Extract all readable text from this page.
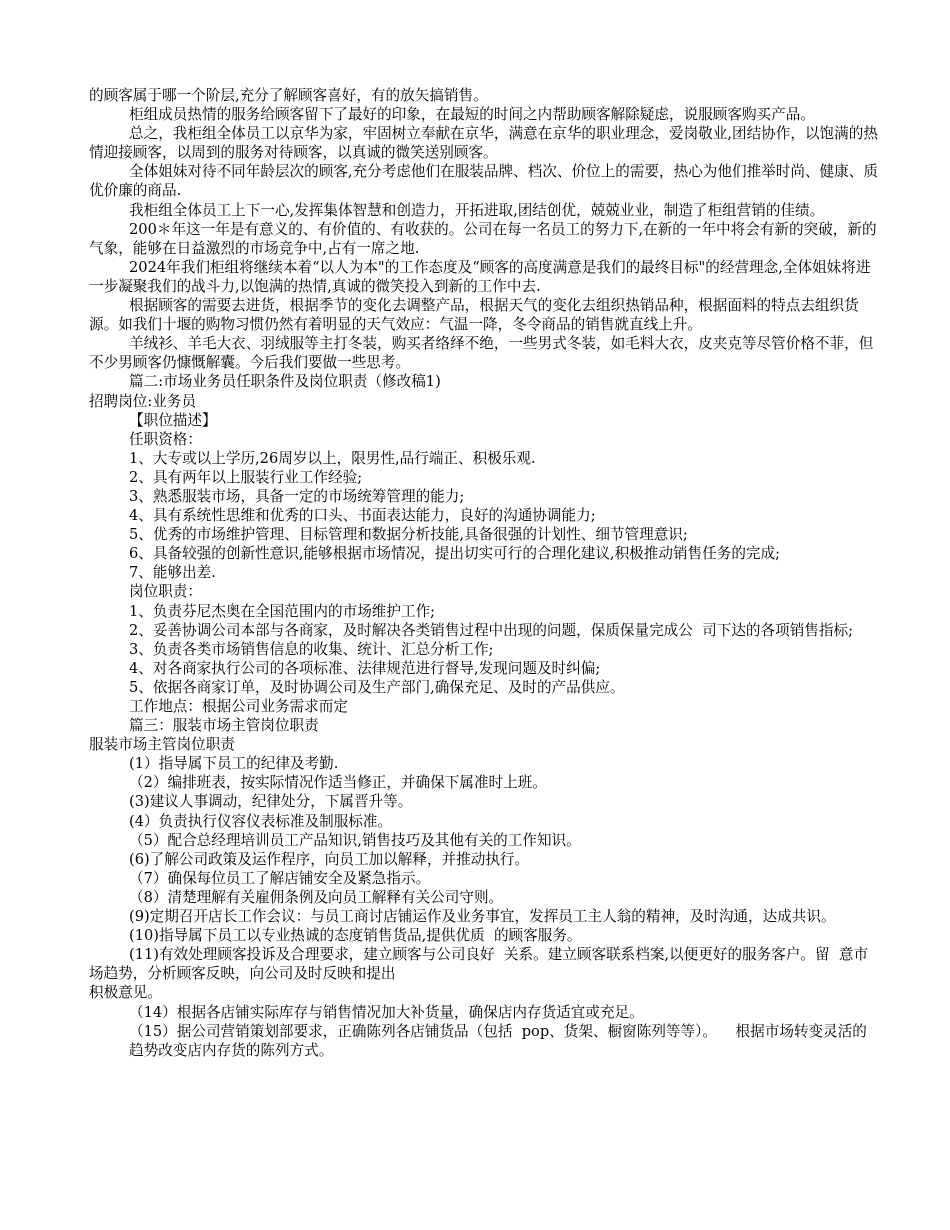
的顾客属于哪一个阶层,充分了解顾客喜好，有的放矢搞销售。

柜组成员热情的服务给顾客留下了最好的印象，在最短的时间之内帮助顾客解除疑虑，说服顾客购买产品。

总之，我柜组全体员工以京华为家，牢固树立奉献在京华，满意在京华的职业理念，爱岗敬业,团结协作，以饱满的热情迎接顾客，以周到的服务对待顾客，以真诚的微笑送别顾客。

全体姐妹对待不同年龄层次的顾客,充分考虑他们在服装品牌、档次、价位上的需要，热心为他们推举时尚、健康、质优价廉的商品.

我柜组全体员工上下一心,发挥集体智慧和创造力，开拓进取,团结创优，兢兢业业，制造了柜组营销的佳绩。

200＊年这一年是有意义的、有价值的、有收获的。公司在每一名员工的努力下,在新的一年中将会有新的突破，新的气象，能够在日益激烈的市场竞争中,占有一席之地.

2024年我们柜组将继续本着“以人为本"的工作态度及“顾客的高度满意是我们的最终目标"的经营理念,全体姐妹将进一步凝聚我们的战斗力,以饱满的热情,真诚的微笑投入到新的工作中去.

根据顾客的需要去进货，根据季节的变化去调整产品，根据天气的变化去组织热销品种，根据面料的特点去组织货源。如我们十堰的购物习惯仍然有着明显的天气效应：气温一降，冬令商品的销售就直线上升。

羊绒衫、羊毛大衣、羽绒服等主打冬装，购买者络绎不绝，一些男式冬装，如毛料大衣，皮夹克等尽管价格不菲，但不少男顾客仍慷慨解囊。今后我们要做一些思考。

篇二:市场业务员任职条件及岗位职责（修改稿1)

招聘岗位:业务员

【职位描述】

任职资格：

1、大专或以上学历,26周岁以上，限男性,品行端正、积极乐观.

2、具有两年以上服装行业工作经验;

3、熟悉服装市场，具备一定的市场统筹管理的能力;

4、具有系统性思维和优秀的口头、书面表达能力，良好的沟通协调能力;

5、优秀的市场维护管理、目标管理和数据分析技能,具备很强的计划性、细节管理意识;

6、具备较强的创新性意识,能够根据市场情况，提出切实可行的合理化建议,积极推动销售任务的完成;

7、能够出差.

岗位职责：

1、负责芬尼杰奥在全国范围内的市场维护工作;

2、妥善协调公司本部与各商家，及时解决各类销售过程中出现的问题，保质保量完成公  司下达的各项销售指标;

3、负责各类市场销售信息的收集、统计、汇总分析工作;

4、对各商家执行公司的各项标准、法律规范进行督导,发现问题及时纠偏;

5、依据各商家订单，及时协调公司及生产部门,确保充足、及时的产品供应。

工作地点：根据公司业务需求而定

篇三：服装市场主管岗位职责

服装市场主管岗位职责

(1）指导属下员工的纪律及考勤.

（2）编排班表，按实际情况作适当修正，并确保下属准时上班。

(3)建议人事调动，纪律处分，下属晋升等。

(4）负责执行仪容仪表标准及制服标准。

（5）配合总经理培训员工产品知识,销售技巧及其他有关的工作知识。

(6)了解公司政策及运作程序，向员工加以解释，并推动执行。

（7）确保每位员工了解店铺安全及紧急指示。

（8）清楚理解有关雇佣条例及向员工解释有关公司守则。

(9)定期召开店长工作会议：与员工商讨店铺运作及业务事宜，发挥员工主人翁的精神，及时沟通，达成共识。

(10)指导属下员工以专业热诚的态度销售货品,提供优质  的顾客服务。

(11)有效处理顾客投诉及合理要求，建立顾客与公司良好  关系。建立顾客联系档案,以便更好的服务客户。留  意市场趋势，分析顾客反映，向公司及时反映和提出

积极意见。

（14）根据各店铺实际库存与销售情况加大补货量，确保店内存货适宜或充足。

（15）据公司营销策划部要求，正确陈列各店铺货品（包括  pop、货架、橱窗陈列等等）。    根据市场转变灵活的

趋势改变店内存货的陈列方式。
